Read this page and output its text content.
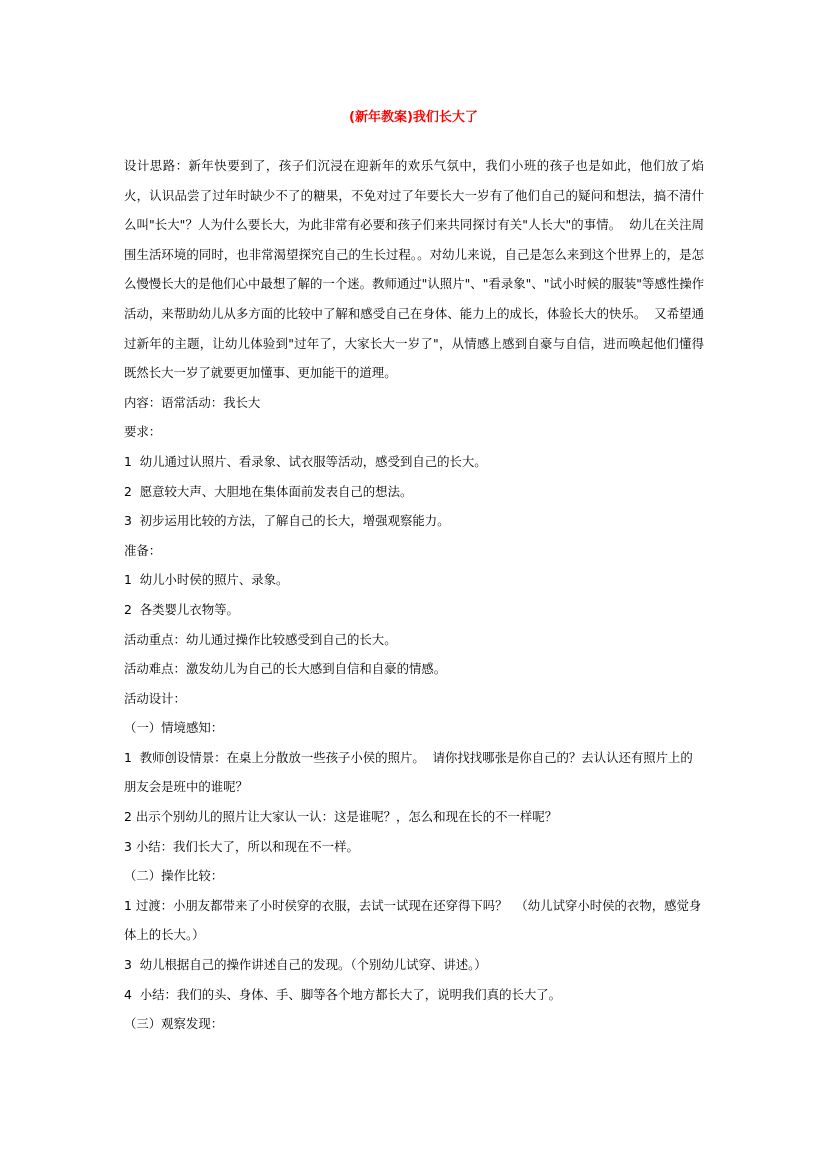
(新年教案)我们长大了

设计思路：新年快要到了，孩子们沉浸在迎新年的欢乐气氛中，我们小班的孩子也是如此，他们放了焰火，认识品尝了过年时缺少不了的糖果，不免对过了年要长大一岁有了他们自己的疑问和想法，搞不清什么叫"长大"？人为什么要长大，为此非常有必要和孩子们来共同探讨有关"人长大"的事情。  幼儿在关注周围生活环境的同时，也非常渴望探究自己的生长过程。。对幼儿来说，自己是怎么来到这个世界上的，是怎么慢慢长大的是他们心中最想了解的一个迷。教师通过"认照片"、"看录象"、"试小时候的服装"等感性操作活动，来帮助幼儿从多方面的比较中了解和感受自己在身体、能力上的成长，体验长大的快乐。  又希望通过新年的主题，让幼儿体验到"过年了，大家长大一岁了"，从情感上感到自豪与自信，进而唤起他们懂得既然长大一岁了就要更加懂事、更加能干的道理。

内容：语常活动：我长大

要求：

1  幼儿通过认照片、看录象、试衣服等活动，感受到自己的长大。

2  愿意较大声、大胆地在集体面前发表自己的想法。

3  初步运用比较的方法，了解自己的长大，增强观察能力。

准备：

1  幼儿小时侯的照片、录象。

2  各类婴儿衣物等。

活动重点：幼儿通过操作比较感受到自己的长大。

活动难点：激发幼儿为自己的长大感到自信和自豪的情感。

活动设计：

（一）情境感知：

1  教师创设情景：在桌上分散放一些孩子小侯的照片。  请你找找哪张是你自己的？去认认还有照片上的朋友会是班中的谁呢？

2 出示个别幼儿的照片让大家认一认：这是谁呢？，怎么和现在长的不一样呢？

3 小结：我们长大了，所以和现在不一样。

（二）操作比较：

1 过渡：小朋友都带来了小时侯穿的衣服，去试一试现在还穿得下吗？  （幼儿试穿小时侯的衣物，感觉身体上的长大。）

3  幼儿根据自己的操作讲述自己的发现。（个别幼儿试穿、讲述。）

4  小结：我们的头、身体、手、脚等各个地方都长大了，说明我们真的长大了。

（三）观察发现：
